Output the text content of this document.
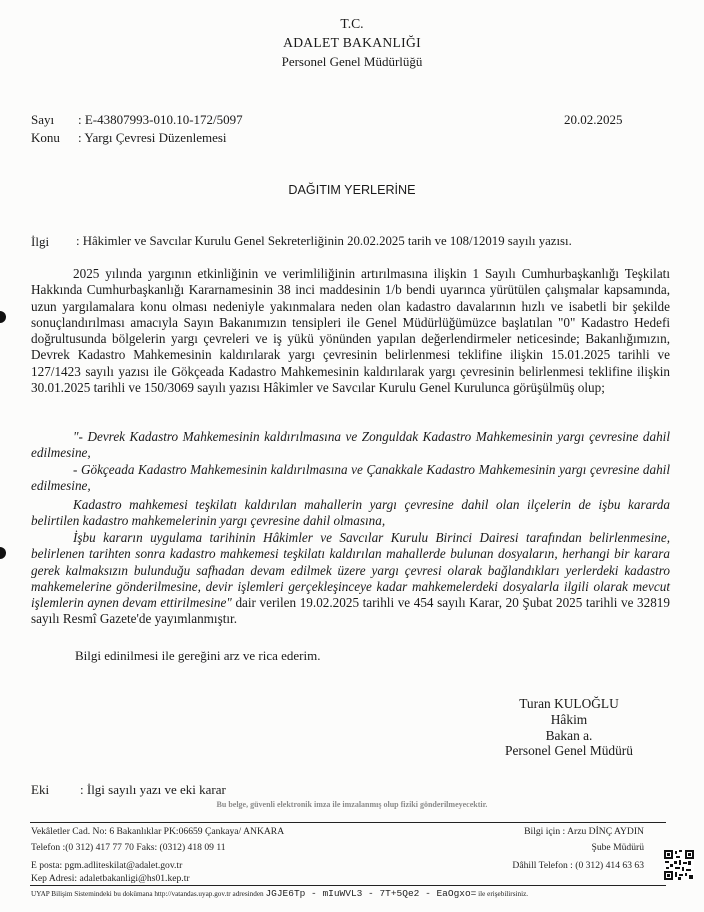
T.C.
ADALET BAKANLIĞI
Personel Genel Müdürlüğü
Sayı : E-43807993-010.10-172/5097	20.02.2025
Konu : Yargı Çevresi Düzenlemesi
DAĞITIM YERLERİNE
İlgi : Hâkimler ve Savcılar Kurulu Genel Sekreterliğinin 20.02.2025 tarih ve 108/12019 sayılı yazısı.
2025 yılında yargının etkinliğinin ve verimliliğinin artırılmasına ilişkin 1 Sayılı Cumhurbaşkanlığı Teşkilatı Hakkında Cumhurbaşkanlığı Kararnamesinin 38 inci maddesinin 1/b bendi uyarınca yürütülen çalışmalar kapsamında, uzun yargılamalara konu olması nedeniyle yakınmalara neden olan kadastro davalarının hızlı ve isabetli bir şekilde sonuçlandırılması amacıyla Sayın Bakanımızın tensipleri ile Genel Müdürlüğümüzce başlatılan "0" Kadastro Hedefi doğrultusunda bölgelerin yargı çevreleri ve iş yükü yönünden yapılan değerlendirmeler neticesinde; Bakanlığımızın, Devrek Kadastro Mahkemesinin kaldırılarak yargı çevresinin belirlenmesi teklifine ilişkin 15.01.2025 tarihli ve 127/1423 sayılı yazısı ile Gökçeada Kadastro Mahkemesinin kaldırılarak yargı çevresinin belirlenmesi teklifine ilişkin 30.01.2025 tarihli ve 150/3069 sayılı yazısı Hâkimler ve Savcılar Kurulu Genel Kurulunca görüşülmüş olup;
"- Devrek Kadastro Mahkemesinin kaldırılmasına ve Zonguldak Kadastro Mahkemesinin yargı çevresine dahil edilmesine,
- Gökçeada Kadastro Mahkemesinin kaldırılmasına ve Çanakkale Kadastro Mahkemesinin yargı çevresine dahil edilmesine,
Kadastro mahkemesi teşkilatı kaldırılan mahallerin yargı çevresine dahil olan ilçelerin de işbu kararda belirtilen kadastro mahkemelerinin yargı çevresine dahil olmasına,
İşbu kararın uygulama tarihinin Hâkimler ve Savcılar Kurulu Birinci Dairesi tarafından belirlenmesine, belirlenen tarihten sonra kadastro mahkemesi teşkilatı kaldırılan mahallerde bulunan dosyaların, herhangi bir karara gerek kalmaksızın bulunduğu safhadan devam edilmek üzere yargı çevresi olarak bağlandıkları yerlerdeki kadastro mahkemelerine gönderilmesine, devir işlemleri gerçekleşinceye kadar mahkemelerdeki dosyalarla ilgili olarak mevcut işlemlerin aynen devam ettirilmesine" dair verilen 19.02.2025 tarihli ve 454 sayılı Karar, 20 Şubat 2025 tarihli ve 32819 sayılı Resmî Gazete'de yayımlanmıştır.
Bilgi edinilmesi ile gereğini arz ve rica ederim.
Turan KULOĞLU
Hâkim
Bakan a.
Personel Genel Müdürü
Eki : İlgi sayılı yazı ve eki karar
Bu belge, güvenli elektronik imza ile imzalanmış olup fiziki gönderilmeyecektir.
Vekâletler Cad. No: 6 Bakanlıklar PK:06659 Çankaya/ ANKARA
Telefon :(0 312) 417 77 70 Faks: (0312) 418 09 11
E posta: pgm.adliteskilat@adalet.gov.tr
Kep Adresi: adaletbakanligi@hs01.kep.tr
Bilgi için : Arzu DİNÇ AYDIN
Şube Müdürü
Dâhill Telefon : (0 312) 414 63 63
UYAP Bilişim Sistemindeki bu dokümana http://vatandas.uyap.gov.tr adresinden JGJE6Tp - mIuWVL3 - 7T+5Qe2 - EaOgxo= ile erişebilirsiniz.
